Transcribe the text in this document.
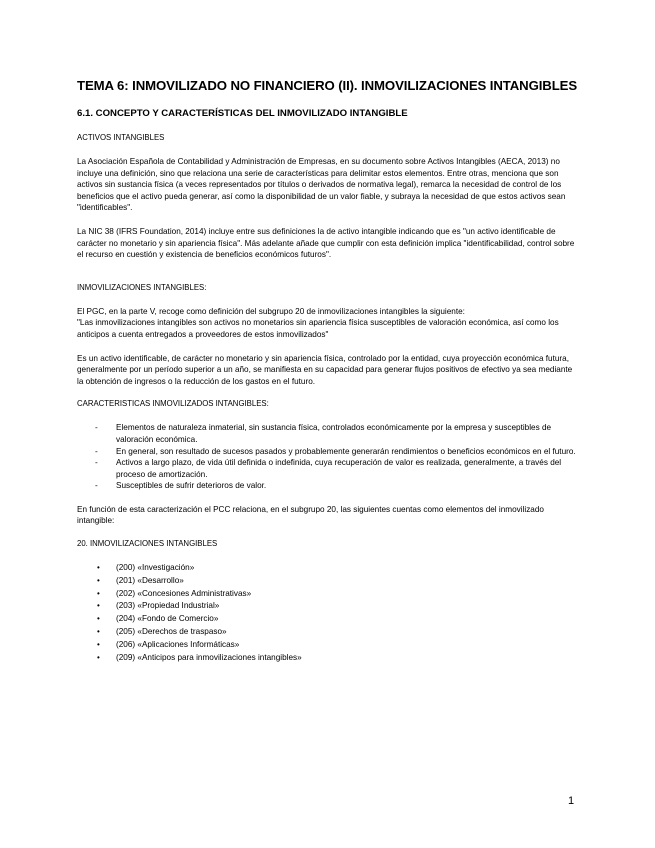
TEMA 6: INMOVILIZADO NO FINANCIERO (II). INMOVILIZACIONES INTANGIBLES
6.1. CONCEPTO Y CARACTERÍSTICAS DEL INMOVILIZADO INTANGIBLE
ACTIVOS INTANGIBLES

La Asociación Española de Contabilidad y Administración de Empresas, en su documento sobre Activos Intangibles (AECA, 2013) no incluye una definición, sino que relaciona una serie de características para delimitar estos elementos. Entre otras, menciona que son activos sin sustancia física (a veces representados por títulos o derivados de normativa legal), remarca la necesidad de control de los beneficios que el activo pueda generar, así como la disponibilidad de un valor fiable, y subraya la necesidad de que estos activos sean "identificables".

La NIC 38 (IFRS Foundation, 2014) incluye entre sus definiciones la de activo intangible indicando que es "un activo identificable de carácter no monetario y sin apariencia física". Más adelante añade que cumplir con esta definición implica "identificabilidad, control sobre el recurso en cuestión y existencia de beneficios económicos futuros".

INMOVILIZACIONES INTANGIBLES:

El PGC, en la parte V, recoge como definición del subgrupo 20 de inmovilizaciones intangibles la siguiente:
"Las inmovilizaciones intangibles son activos no monetarios sin apariencia física susceptibles de valoración económica, así como los anticipos a cuenta entregados a proveedores de estos inmovilizados"

Es un activo identificable, de carácter no monetario y sin apariencia física, controlado por la entidad, cuya proyección económica futura, generalmente por un período superior a un año, se manifiesta en su capacidad para generar flujos positivos de efectivo ya sea mediante la obtención de ingresos o la reducción de los gastos en el futuro.

CARACTERISTICAS INMOVILIZADOS INTANGIBLES:
- Elementos de naturaleza inmaterial, sin sustancia física, controlados económicamente por la empresa y susceptibles de valoración económica.
- En general, son resultado de sucesos pasados y probablemente generarán rendimientos o beneficios económicos en el futuro.
- Activos a largo plazo, de vida útil definida o indefinida, cuya recuperación de valor es realizada, generalmente, a través del proceso de amortización.
- Susceptibles de sufrir deterioros de valor.

En función de esta caracterización el PCC relaciona, en el subgrupo 20, las siguientes cuentas como elementos del inmovilizado intangible:

20. INMOVILIZACIONES INTANGIBLES
• (200) «Investigación»
• (201) «Desarrollo»
• (202) «Concesiones Administrativas»
• (203) «Propiedad Industrial»
• (204) «Fondo de Comercio»
• (205) «Derechos de traspaso»
• (206) «Aplicaciones Informáticas»
• (209) «Anticipos para inmovilizaciones intangibles»
1
